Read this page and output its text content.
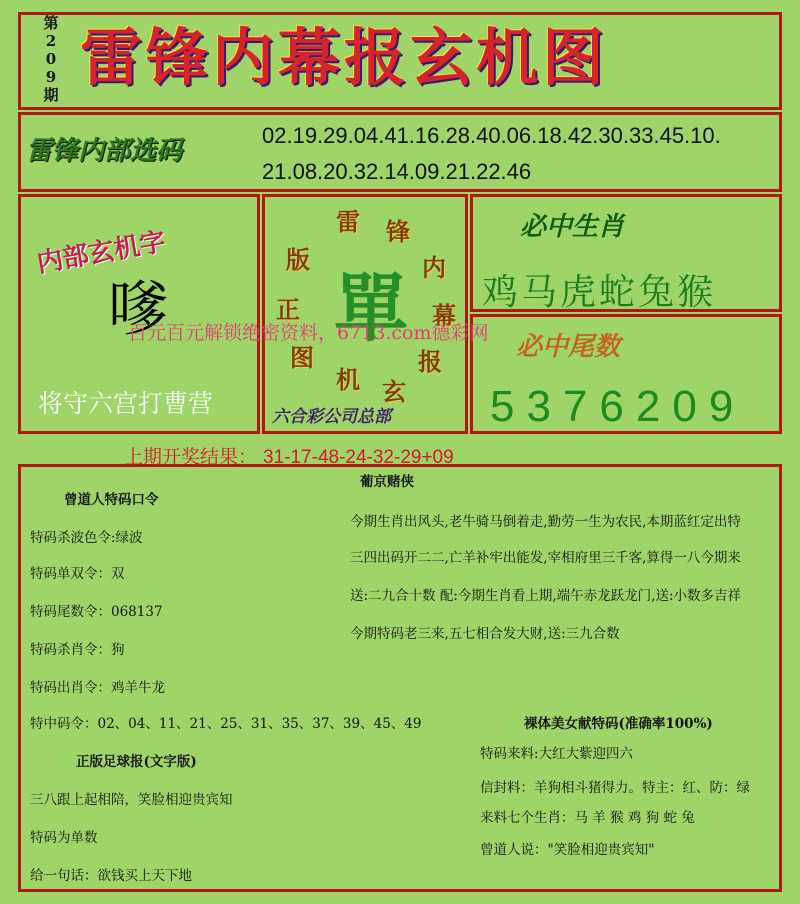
第
2
0
9
期
雷锋内幕报玄机图
雷锋内部选码
02.19.29.04.41.16.28.40.06.18.42.30.33.45.10.
21.08.20.32.14.09.21.22.46
内部玄机字
嗲
将守六宫打曹营
雷 锋
内
幕
报
玄
机
图
正
版
單
六合彩公司总部
必中生肖
鸡马虎蛇兔猴
百元百元解锁绝密资料，6713.com德彩网 必中尾数
5376209
上期开奖结果： 31-17-48-24-32-29+09
葡京赌侠
曾道人特码口令
特码杀波色令:绿波
特码单双令：双
特码尾数令：068137
特码杀肖令：狗
特码出肖令：鸡羊牛龙
特中码令：02、04、11、21、25、31、35、37、39、45、49
正版足球报(文字版)
三八跟上起相陪，笑脸相迎贵宾知
特码为单数
给一句话：欲钱买上天下地
今期生肖出风头,老牛骑马倒着走,勤劳一生为农民,本期蓝红定出特
三四出码开二二,亡羊补牢出能发,宰相府里三千客,算得一八今期来
送:二九合十数 配:今期生肖看上期,端午赤龙跃龙门,送:小数多吉祥
今期特码老三来,五七相合发大财,送:三九合数
裸体美女献特码(准确率100%)
特码来料:大红大紫迎四六
信封料：羊狗相斗猪得力。特主：红、防：绿
来料七个生肖：马 羊 猴 鸡 狗 蛇 兔
曾道人说："笑脸相迎贵宾知"
